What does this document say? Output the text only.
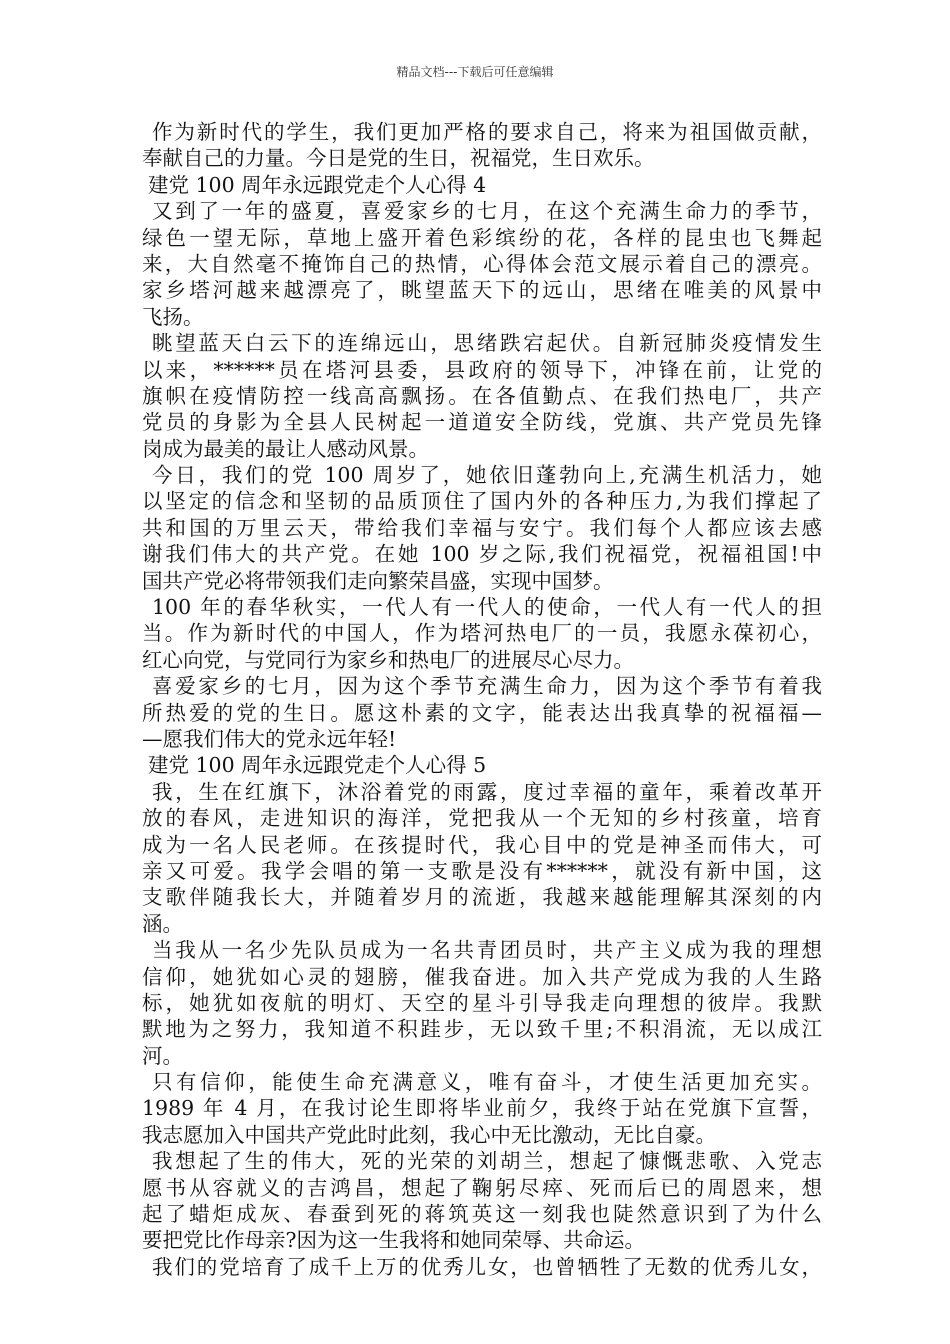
精品文档---下载后可任意编辑
作为新时代的学生，我们更加严格的要求自己，将来为祖国做贡献，
奉献自己的力量。今日是党的生日，祝福党，生日欢乐。
建党 100 周年永远跟党走个人心得 4
又到了一年的盛夏，喜爱家乡的七月，在这个充满生命力的季节，
绿色一望无际，草地上盛开着色彩缤纷的花，各样的昆虫也飞舞起
来，大自然毫不掩饰自己的热情，心得体会范文展示着自己的漂亮。
家乡塔河越来越漂亮了，眺望蓝天下的远山，思绪在唯美的风景中
飞扬。
眺望蓝天白云下的连绵远山，思绪跌宕起伏。自新冠肺炎疫情发生
以来，******员在塔河县委，县政府的领导下，冲锋在前，让党的
旗帜在疫情防控一线高高飘扬。在各值勤点、在我们热电厂，共产
党员的身影为全县人民树起一道道安全防线，党旗、共产党员先锋
岗成为最美的最让人感动风景。
今日，我们的党 100 周岁了，她依旧蓬勃向上,充满生机活力，她
以坚定的信念和坚韧的品质顶住了国内外的各种压力,为我们撑起了
共和国的万里云天，带给我们幸福与安宁。我们每个人都应该去感
谢我们伟大的共产党。在她 100 岁之际,我们祝福党，祝福祖国!中
国共产党必将带领我们走向繁荣昌盛，实现中国梦。
100 年的春华秋实，一代人有一代人的使命，一代人有一代人的担
当。作为新时代的中国人，作为塔河热电厂的一员，我愿永葆初心，
红心向党，与党同行为家乡和热电厂的进展尽心尽力。
喜爱家乡的七月，因为这个季节充满生命力，因为这个季节有着我
所热爱的党的生日。愿这朴素的文字，能表达出我真挚的祝福福—
—愿我们伟大的党永远年轻!
建党 100 周年永远跟党走个人心得 5
我，生在红旗下，沐浴着党的雨露，度过幸福的童年，乘着改革开
放的春风，走进知识的海洋，党把我从一个无知的乡村孩童，培育
成为一名人民老师。在孩提时代，我心目中的党是神圣而伟大，可
亲又可爱。我学会唱的第一支歌是没有******，就没有新中国，这
支歌伴随我长大，并随着岁月的流逝，我越来越能理解其深刻的内
涵。
当我从一名少先队员成为一名共青团员时，共产主义成为我的理想
信仰，她犹如心灵的翅膀，催我奋进。加入共产党成为我的人生路
标，她犹如夜航的明灯、天空的星斗引导我走向理想的彼岸。我默
默地为之努力，我知道不积跬步，无以致千里;不积涓流，无以成江
河。
只有信仰，能使生命充满意义，唯有奋斗，才使生活更加充实。
1989 年 4 月，在我讨论生即将毕业前夕，我终于站在党旗下宣誓，
我志愿加入中国共产党此时此刻，我心中无比激动，无比自豪。
我想起了生的伟大，死的光荣的刘胡兰，想起了慷慨悲歌、入党志
愿书从容就义的吉鸿昌，想起了鞠躬尽瘁、死而后已的周恩来，想
起了蜡炬成灰、春蚕到死的蒋筑英这一刻我也陡然意识到了为什么
要把党比作母亲?因为这一生我将和她同荣辱、共命运。
我们的党培育了成千上万的优秀儿女，也曾牺牲了无数的优秀儿女，
